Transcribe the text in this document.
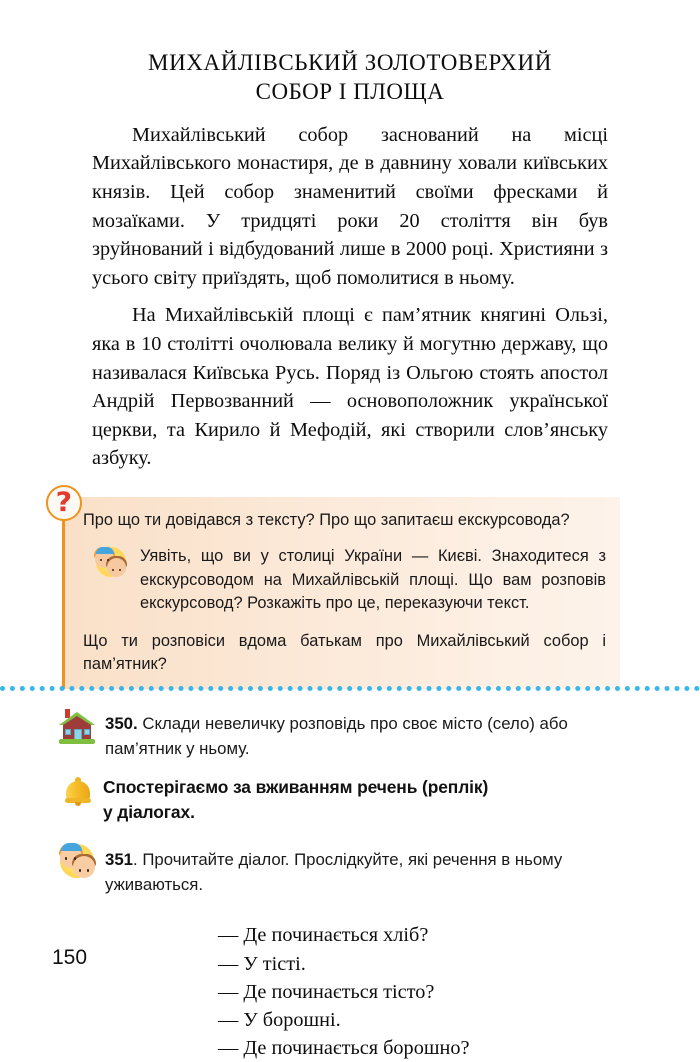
МИХАЙЛІВСЬКИЙ ЗОЛОТОВЕРХИЙ
СОБОР І ПЛОЩА

Михайлівський собор заснований на місці Михайлівського монастиря, де в давнину ховали київських князів. Цей собор знаменитий своїми фресками й мозаїками. У тридцяті роки 20 століття він був зруйнований і відбудований лише в 2000 році. Християни з усього світу приїздять, щоб помолитися в ньому.

На Михайлівській площі є пам’ятник княгині Ользі, яка в 10 столітті очолювала велику й могутню державу, що називалася Київська Русь. Поряд із Ольгою стоять апостол Андрій Первозванний — основоположник української церкви, та Кирило й Мефодій, які створили слов’янську азбуку.

?

Про що ти довідався з тексту? Про що запитаєш екскурсовода?

Уявіть, що ви у столиці України — Києві. Знаходитеся з екскурсоводом на Михайлівській площі. Що вам розповів екскурсовод? Розкажіть про це, переказуючи текст.

Що ти розповіси вдома батькам про Михайлівський собор і пам’ятник?

350. Склади невеличку розповідь про своє місто (село) або пам’ятник у ньому.
Спостерігаємо за вживанням речень (реплік)
у діалогах.
351. Прочитайте діалог. Прослідкуйте, які речення в ньому уживаються.
— Де починається хліб?
— У тісті.
— Де починається тісто?
— У борошні.
— Де починається борошно?
150
